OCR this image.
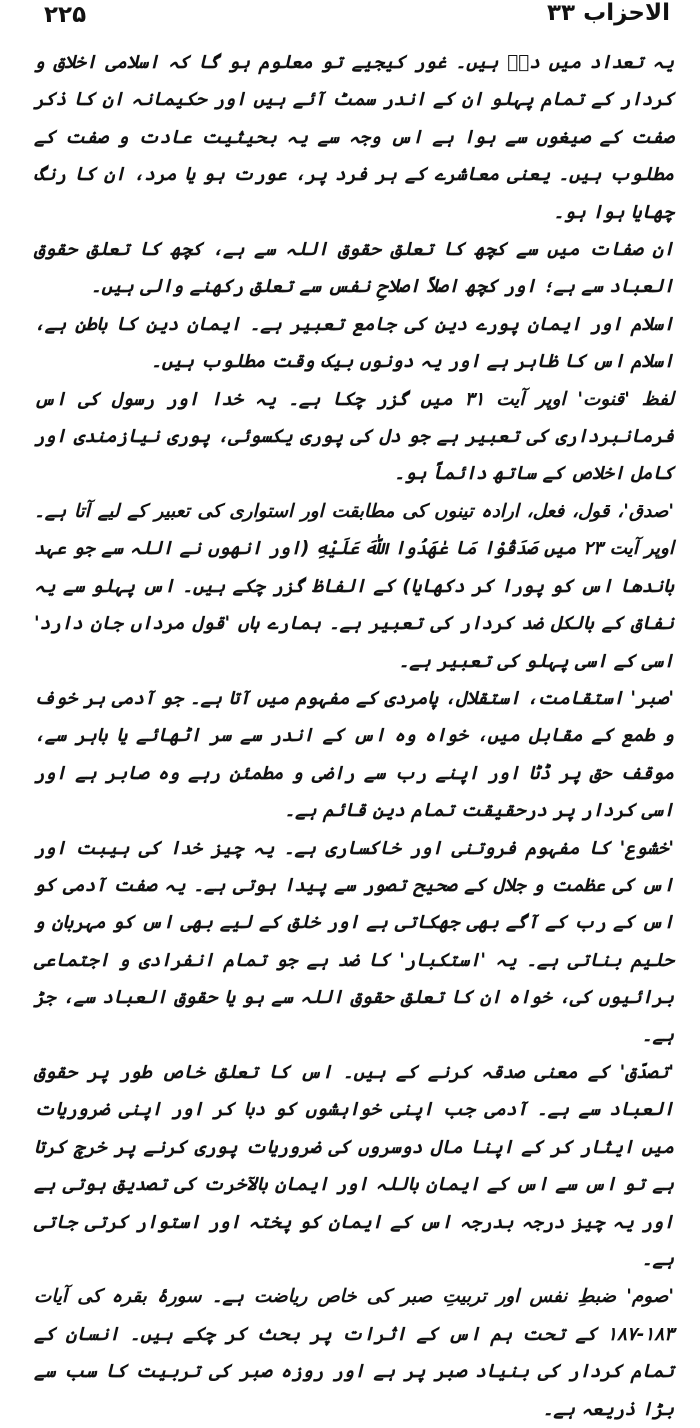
۲۲۵	الاحزاب ۳۳

یہ تعداد میں دسؔ ہیں۔ غور کیجیے تو معلوم ہو گا کہ اسلامی اخلاق و کردار کے تمام پہلو ان کے اندر سمٹ آئے ہیں اور حکیمانہ ان کا ذکر صفت کے صیغوں سے ہوا ہے اس وجہ سے یہ بحیثیت عادت و صفت کے مطلوب ہیں۔ یعنی معاشرے کے ہر فرد پر، عورت ہو یا مرد، ان کا رنگ چھایا ہوا ہو۔

ان صفات میں سے کچھ کا تعلق حقوق اللہ سے ہے، کچھ کا تعلق حقوق العباد سے ہے؛ اور کچھ اصلاً اصلاحِ نفس سے تعلق رکھنے والی ہیں۔

اسلام اور ایمان پورے دین کی جامع تعبیر ہے۔ ایمان دین کا باطن ہے، اسلام اس کا ظاہر ہے اور یہ دونوں بیک وقت مطلوب ہیں۔

لفظ 'قنوت' اوپر آیت ۳۱ میں گزر چکا ہے۔ یہ خدا اور رسول کی اس فرمانبرداری کی تعبیر ہے جو دل کی پوری یکسوئی، پوری نیازمندی اور کامل اخلاص کے ساتھ دائماً ہو۔

'صدق'، قول، فعل، ارادہ تینوں کی مطابقت اور استواری کی تعبیر کے لیے آتا ہے۔ اوپر آیت ۲۳ میں صَدَقُوْا مَا عٰهَدُوا اللّٰهَ عَلَيْهِ (اور انھوں نے اللہ سے جو عہد باندھا اس کو پورا کر دکھایا) کے الفاظ گزر چکے ہیں۔ اس پہلو سے یہ نفاق کے بالکل ضد کردار کی تعبیر ہے۔ ہمارے ہاں 'قول مرداں جان دارد' اسی کے اسی پہلو کی تعبیر ہے۔

'صبر' استقامت، استقلال، پامردی کے مفہوم میں آتا ہے۔ جو آدمی ہر خوف و طمع کے مقابل میں، خواہ وہ اس کے اندر سے سر اٹھائے یا باہر سے، موقف حق پر ڈٹا اور اپنے رب سے راضی و مطمئن رہے وہ صابر ہے اور اسی کردار پر درحقیقت تمام دین قائم ہے۔

'خشوع' کا مفہوم فروتنی اور خاکساری ہے۔ یہ چیز خدا کی ہیبت اور اس کی عظمت و جلال کے صحیح تصور سے پیدا ہوتی ہے۔ یہ صفت آدمی کو اس کے رب کے آگے بھی جھکاتی ہے اور خلق کے لیے بھی اس کو مہربان و حلیم بناتی ہے۔ یہ 'استکبار' کا ضد ہے جو تمام انفرادی و اجتماعی برائیوں کی، خواہ ان کا تعلق حقوق اللہ سے ہو یا حقوق العباد سے، جڑ ہے۔

'تصدّق' کے معنی صدقہ کرنے کے ہیں۔ اس کا تعلق خاص طور پر حقوق العباد سے ہے۔ آدمی جب اپنی خواہشوں کو دبا کر اور اپنی ضروریات میں ایثار کر کے اپنا مال دوسروں کی ضروریات پوری کرنے پر خرچ کرتا ہے تو اس سے اس کے ایمان باللہ اور ایمان بالآخرت کی تصدیق ہوتی ہے اور یہ چیز درجہ بدرجہ اس کے ایمان کو پختہ اور استوار کرتی جاتی ہے۔

'صوم' ضبطِ نفس اور تربیتِ صبر کی خاص ریاضت ہے۔ سورۂ بقرہ کی آیات ۱۸۳-۱۸۷ کے تحت ہم اس کے اثرات پر بحث کر چکے ہیں۔ انسان کے تمام کردار کی بنیاد صبر پر ہے اور روزہ صبر کی تربیت کا سب سے بڑا ذریعہ ہے۔
